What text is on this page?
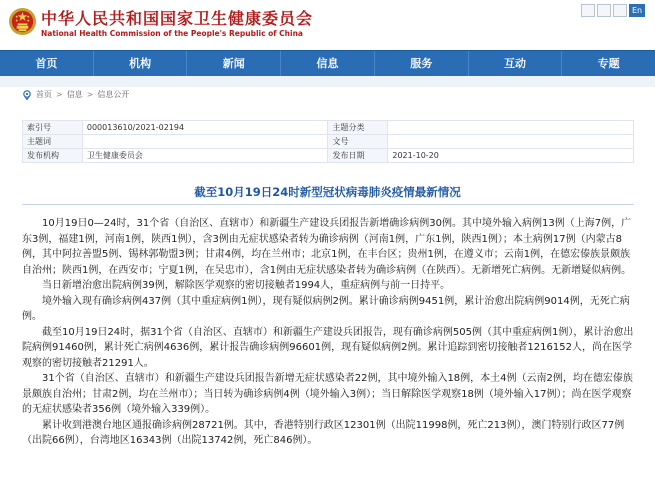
中华人民共和国国家卫生健康委员会
National Health Commission of the People's Republic of China
En
首页	机构	新闻	信息	服务	互动	专题
首页 > 信息 > 信息公开
索引号	000013610/2021-02194	主题分类	
主题词		文号	
发布机构	卫生健康委员会	发布日期	2021-10-20
截至10月19日24时新型冠状病毒肺炎疫情最新情况

10月19日0—24时，31个省（自治区、直辖市）和新疆生产建设兵团报告新增确诊病例30例。其中境外输入病例13例（上海7例，广东3例，福建1例，河南1例，陕西1例），含3例由无症状感染者转为确诊病例（河南1例，广东1例，陕西1例）；本土病例17例（内蒙古8例，其中阿拉善盟5例、锡林郭勒盟3例；甘肃4例，均在兰州市；北京1例，在丰台区；贵州1例，在遵义市；云南1例，在德宏傣族景颇族自治州；陕西1例，在西安市；宁夏1例，在吴忠市），含1例由无症状感染者转为确诊病例（在陕西）。无新增死亡病例。无新增疑似病例。

当日新增治愈出院病例39例，解除医学观察的密切接触者1994人，重症病例与前一日持平。

境外输入现有确诊病例437例（其中重症病例1例），现有疑似病例2例。累计确诊病例9451例，累计治愈出院病例9014例，无死亡病例。

截至10月19日24时，据31个省（自治区、直辖市）和新疆生产建设兵团报告，现有确诊病例505例（其中重症病例1例），累计治愈出院病例91460例，累计死亡病例4636例，累计报告确诊病例96601例，现有疑似病例2例。累计追踪到密切接触者1216152人，尚在医学观察的密切接触者21291人。

31个省（自治区、直辖市）和新疆生产建设兵团报告新增无症状感染者22例，其中境外输入18例，本土4例（云南2例，均在德宏傣族景颇族自治州；甘肃2例，均在兰州市）；当日转为确诊病例4例（境外输入3例）；当日解除医学观察18例（境外输入17例）；尚在医学观察的无症状感染者356例（境外输入339例）。

累计收到港澳台地区通报确诊病例28721例。其中，香港特别行政区12301例（出院11998例，死亡213例），澳门特别行政区77例（出院66例），台湾地区16343例（出院13742例，死亡846例）。
